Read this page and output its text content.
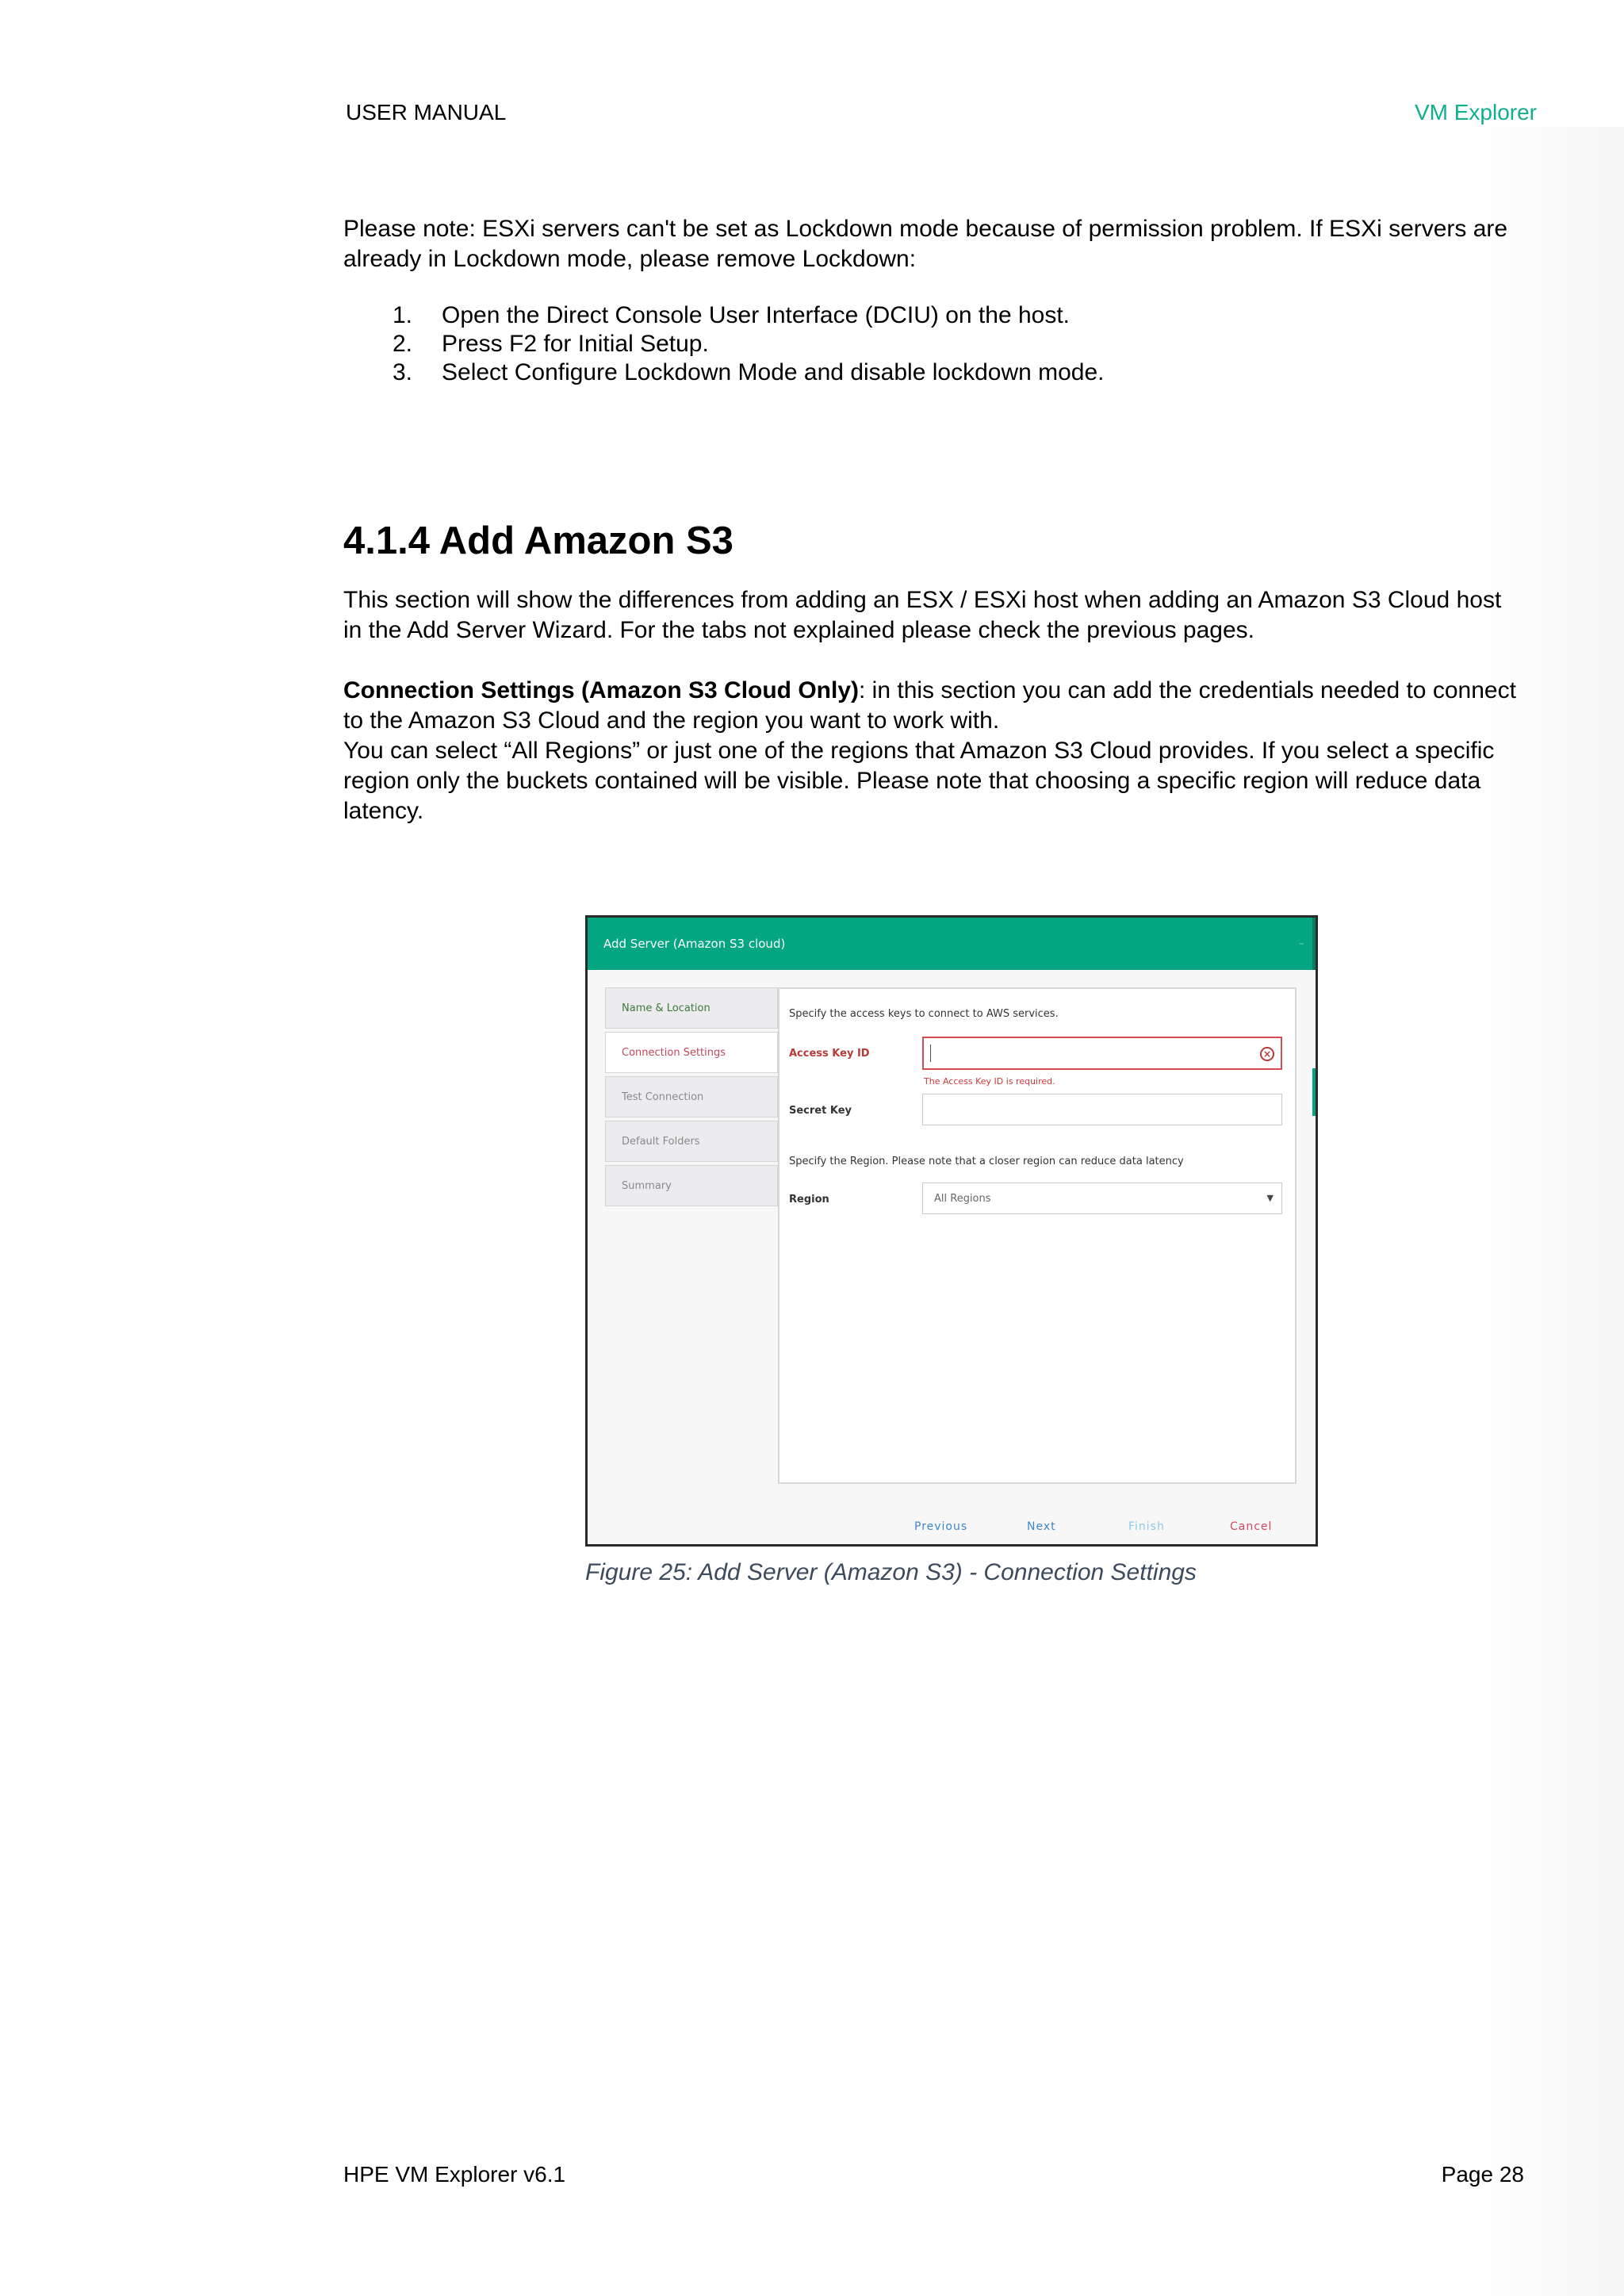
USER MANUAL	VM Explorer
Please note: ESXi servers can't be set as Lockdown mode because of permission problem. If ESXi servers are already in Lockdown mode, please remove Lockdown:
1. Open the Direct Console User Interface (DCIU) on the host.
2. Press F2 for Initial Setup.
3. Select Configure Lockdown Mode and disable lockdown mode.
4.1.4 Add Amazon S3
This section will show the differences from adding an ESX / ESXi host when adding an Amazon S3 Cloud host in the Add Server Wizard. For the tabs not explained please check the previous pages.
Connection Settings (Amazon S3 Cloud Only): in this section you can add the credentials needed to connect to the Amazon S3 Cloud and the region you want to work with.
You can select “All Regions” or just one of the regions that Amazon S3 Cloud provides. If you select a specific region only the buckets contained will be visible. Please note that choosing a specific region will reduce data latency.
Add Server (Amazon S3 cloud)	–
Name & Location
Connection Settings
Test Connection
Default Folders
Summary
Specify the access keys to connect to AWS services.
Access Key ID	×
The Access Key ID is required.
Secret Key
Specify the Region. Please note that a closer region can reduce data latency
Region	All Regions	▼
Previous	Next	Finish	Cancel
Figure 25: Add Server (Amazon S3) - Connection Settings
HPE VM Explorer v6.1	Page 28
